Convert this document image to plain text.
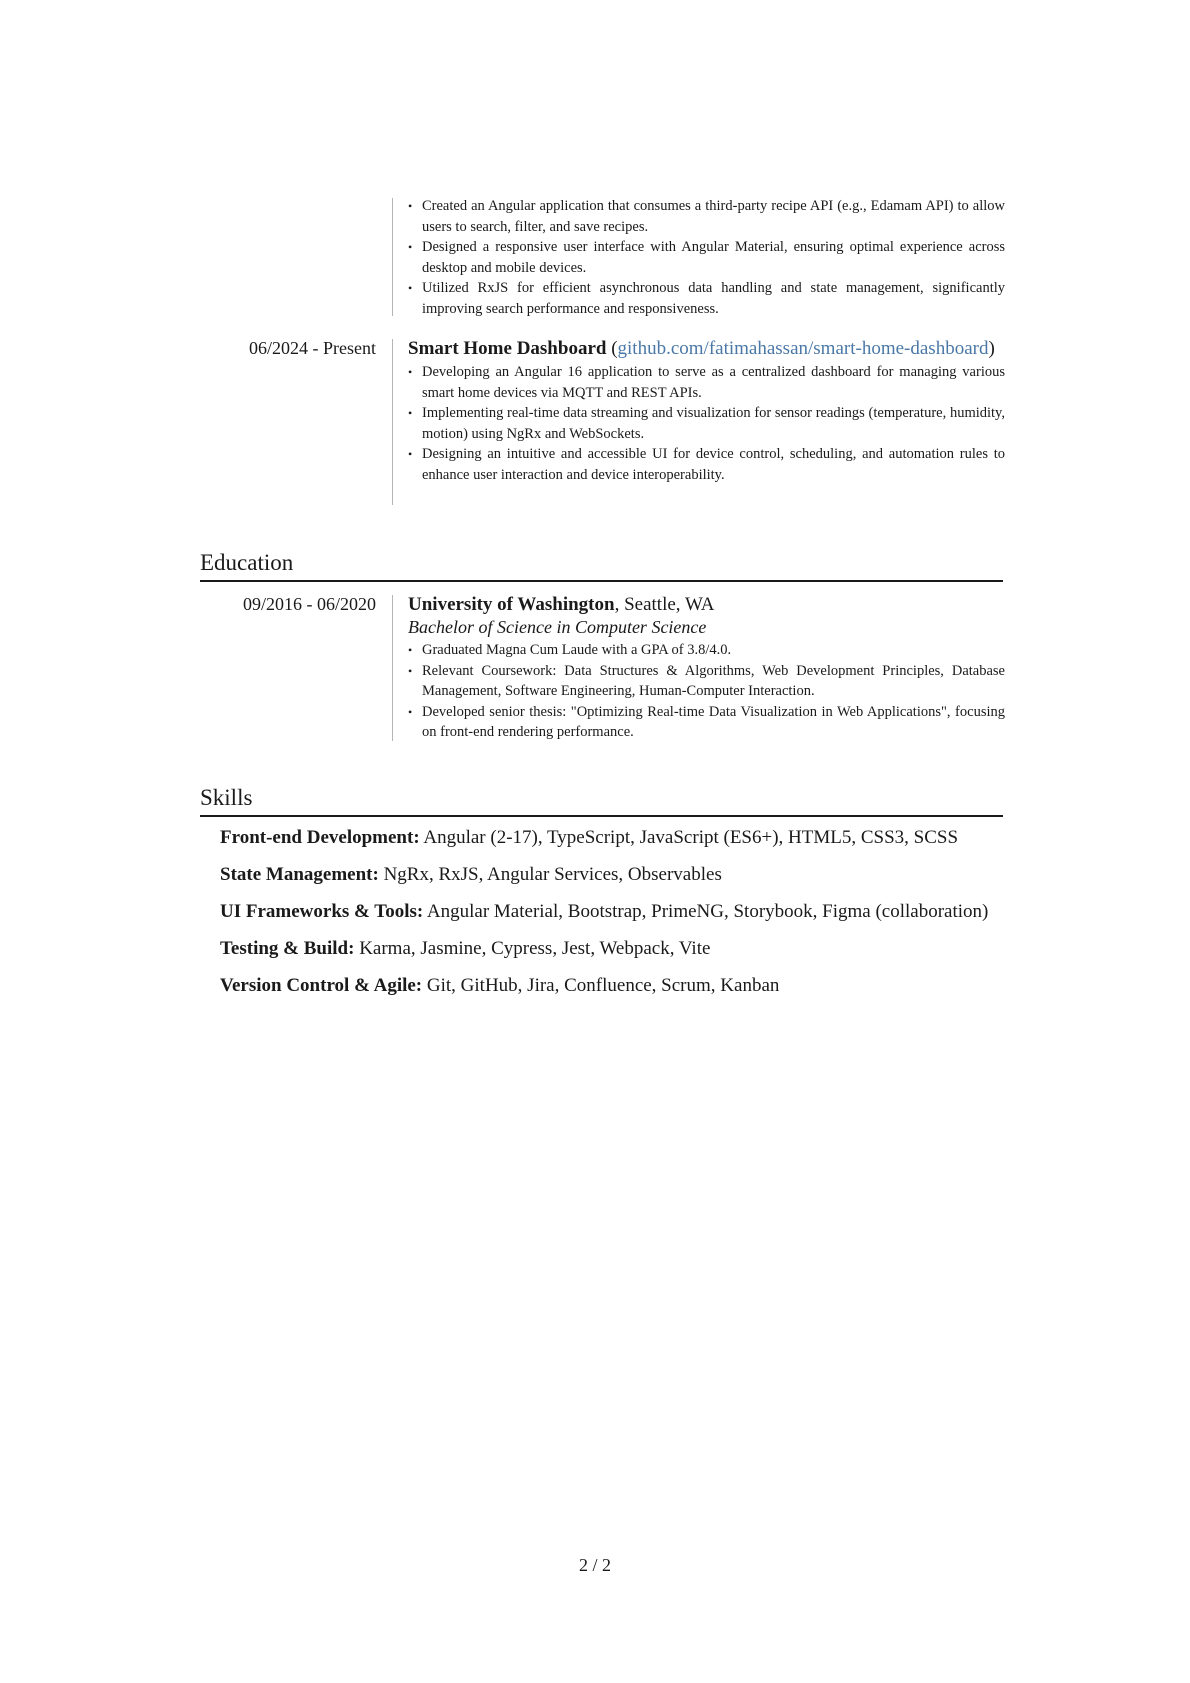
• Created an Angular application that consumes a third-party recipe API (e.g., Edamam API) to allow users to search, filter, and save recipes.
• Designed a responsive user interface with Angular Material, ensuring optimal experience across desktop and mobile devices.
• Utilized RxJS for efficient asynchronous data handling and state management, significantly improving search performance and responsiveness.
06/2024 - Present Smart Home Dashboard (github.com/fatimahassan/smart-home-dashboard)
• Developing an Angular 16 application to serve as a centralized dashboard for managing various smart home devices via MQTT and REST APIs.
• Implementing real-time data streaming and visualization for sensor readings (temperature, humidity, motion) using NgRx and WebSockets.
• Designing an intuitive and accessible UI for device control, scheduling, and automation rules to enhance user interaction and device interoperability.
Education
09/2016 - 06/2020 University of Washington, Seattle, WA
Bachelor of Science in Computer Science
• Graduated Magna Cum Laude with a GPA of 3.8/4.0.
• Relevant Coursework: Data Structures & Algorithms, Web Development Principles, Database Management, Software Engineering, Human-Computer Interaction.
• Developed senior thesis: "Optimizing Real-time Data Visualization in Web Applications", focusing on front-end rendering performance.
Skills
Front-end Development: Angular (2-17), TypeScript, JavaScript (ES6+), HTML5, CSS3, SCSS
State Management: NgRx, RxJS, Angular Services, Observables
UI Frameworks & Tools: Angular Material, Bootstrap, PrimeNG, Storybook, Figma (collaboration)
Testing & Build: Karma, Jasmine, Cypress, Jest, Webpack, Vite
Version Control & Agile: Git, GitHub, Jira, Confluence, Scrum, Kanban
2 / 2
